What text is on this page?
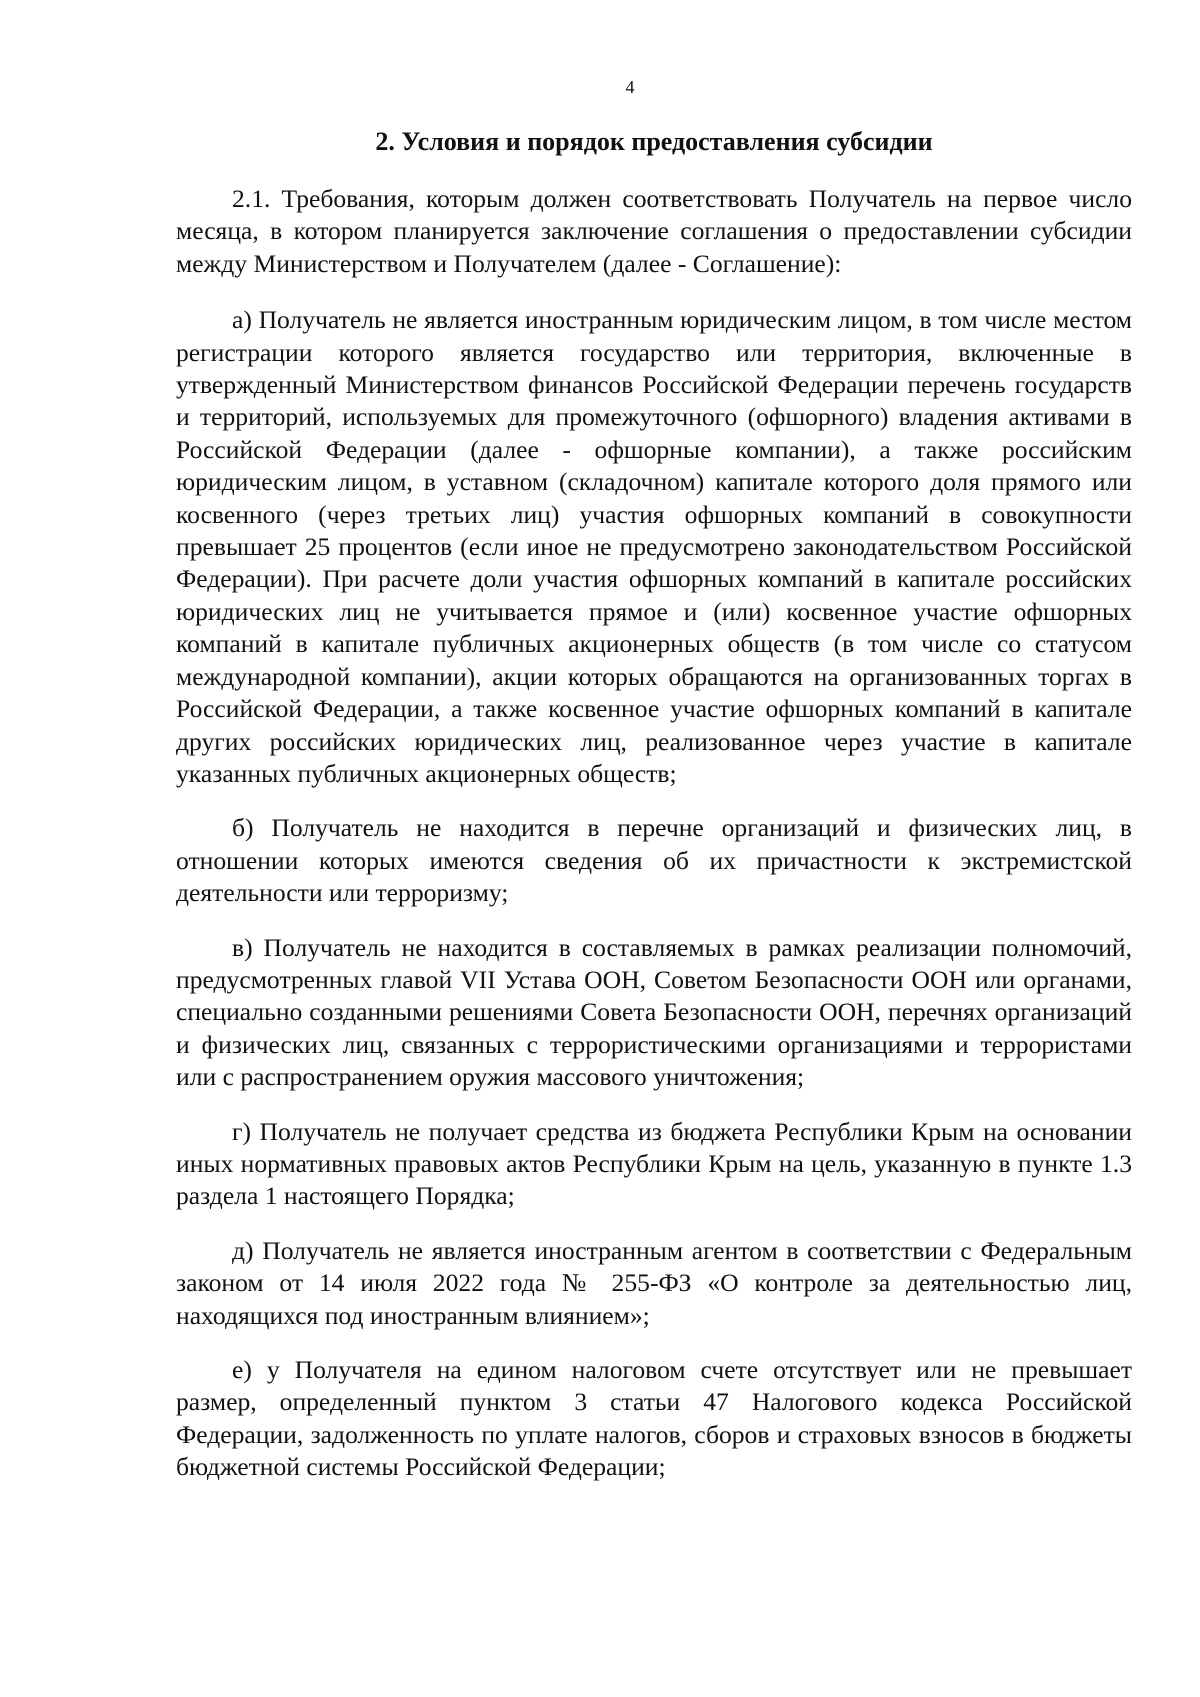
4
2. Условия и порядок предоставления субсидии

2.1. Требования, которым должен соответствовать Получатель на первое число месяца, в котором планируется заключение соглашения о предоставлении субсидии между Министерством и Получателем (далее - Соглашение):

а) Получатель не является иностранным юридическим лицом, в том числе местом регистрации которого является государство или территория, включенные в утвержденный Министерством финансов Российской Федерации перечень государств и территорий, используемых для промежуточного (офшорного) владения активами в Российской Федерации (далее - офшорные компании), а также российским юридическим лицом, в уставном (складочном) капитале которого доля прямого или косвенного (через третьих лиц) участия офшорных компаний в совокупности превышает 25 процентов (если иное не предусмотрено законодательством Российской Федерации). При расчете доли участия офшорных компаний в капитале российских юридических лиц не учитывается прямое и (или) косвенное участие офшорных компаний в капитале публичных акционерных обществ (в том числе со статусом международной компании), акции которых обращаются на организованных торгах в Российской Федерации, а также косвенное участие офшорных компаний в капитале других российских юридических лиц, реализованное через участие в капитале указанных публичных акционерных обществ;

б) Получатель не находится в перечне организаций и физических лиц, в отношении которых имеются сведения об их причастности к экстремистской деятельности или терроризму;

в) Получатель не находится в составляемых в рамках реализации полномочий, предусмотренных главой VII Устава ООН, Советом Безопасности ООН или органами, специально созданными решениями Совета Безопасности ООН, перечнях организаций и физических лиц, связанных с террористическими организациями и террористами или с распространением оружия массового уничтожения;

г) Получатель не получает средства из бюджета Республики Крым на основании иных нормативных правовых актов Республики Крым на цель, указанную в пункте 1.3 раздела 1 настоящего Порядка;

д) Получатель не является иностранным агентом в соответствии с Федеральным законом от 14 июля 2022 года № 255-ФЗ «О контроле за деятельностью лиц, находящихся под иностранным влиянием»;

е) у Получателя на едином налоговом счете отсутствует или не превышает размер, определенный пунктом 3 статьи 47 Налогового кодекса Российской Федерации, задолженность по уплате налогов, сборов и страховых взносов в бюджеты бюджетной системы Российской Федерации;
